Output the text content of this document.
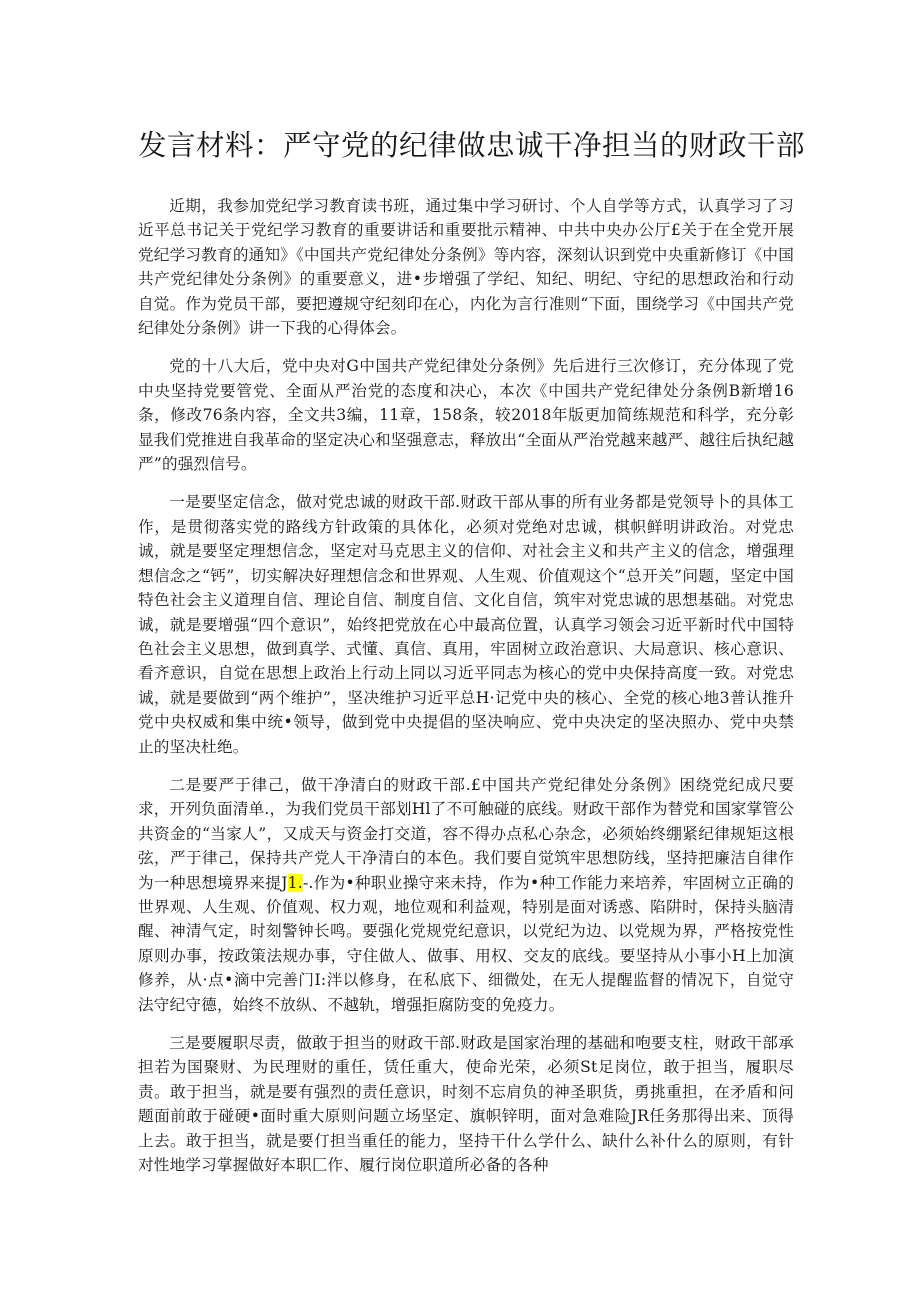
发言材料：严守党的纪律做忠诚干净担当的财政干部

近期，我参加党纪学习教育读书班，通过集中学习研讨、个人自学等方式，认真学习了习近平总书记关于党纪学习教育的重要讲话和重要批示精神、中共中央办公厅£关于在全党开展党纪学习教育的通知》《中国共产党纪律处分条例》等内容，深刻认识到党中央重新修订《中国共产党纪律处分条例》的重要意义，进•步增强了学纪、知纪、明纪、守纪的思想政治和行动自觉。作为党员干部，要把遵规守纪刻印在心，内化为言行准则“下面，围绕学习《中国共产党纪律处分条例》讲一下我的心得体会。

党的十八大后，党中央对G中国共产党纪律处分条例》先后进行三次修订，充分体现了党中央坚持党要管党、全面从严治党的态度和决心，本次《中国共产党纪律处分条例B新增16条，修改76条内容，全文共3编，11章，158条，较2018年版更加简练规范和科学，充分彰显我们党推进自我革命的坚定决心和坚强意志，释放出“全面从严治党越来越严、越往后执纪越严”的强烈信号。

一是要坚定信念，做对党忠诚的财政干部.财政干部从事的所有业务都是党领导卜的具体工作，是贯彻落实党的路线方针政策的具体化，必须对党绝对忠诚，棋帜鲜明讲政治。对党忠诚，就是要坚定理想信念，坚定对马克思主义的信仰、对社会主义和共产主义的信念，增强理想信念之“钙”，切实解决好理想信念和世界观、人生观、价值观这个“总开关”问题，坚定中国特色社会主义道理自信、理论自信、制度自信、文化自信，筑牢对党忠诚的思想基础。对党忠诚，就是要增强“四个意识”，始终把党放在心中最高位置，认真学习领会习近平新时代中国特色社会主义思想，做到真学、式懂、真信、真用，牢固树立政治意识、大局意识、核心意识、看齐意识，自觉在思想上政治上行动上同以习近平同志为核心的党中央保持高度一致。对党忠诚，就是要做到“两个维护”，坚决维护习近平总H·记党中央的核心、全党的核心地3普认推升党中央权威和集中统•领导，做到党中央提倡的坚决响应、党中央决定的坚决照办、党中央禁止的坚决杜绝。

二是要严于律己，做干净清白的财政干部.£中国共产党纪律处分条例》困绕党纪成尺要求，开列负面清单.，为我们党员干部划Hl了不可触碰的底线。财政干部作为替党和国家掌管公共资金的“当家人”，又成天与资金打交道，容不得办点私心杂念，必须始终绷紧纪律规矩这根弦，严于律己，保持共产党人干净清白的本色。我们要自觉筑牢思想防线，坚持把廉洁自律作为一种思想境界来提J1.-.作为•种职业操守来未持，作为•种工作能力来培养，牢固树立正确的世界观、人生观、价值观、权力观，地位观和利益观，特别是面对诱惑、陷阱时，保持头脑清醒、神清气定，时刻警钟长鸣。要强化党规党纪意识，以党纪为边、以党规为界，严格按党性原则办事，按政策法规办事，守住做人、做事、用权、交友的底线。要坚持从小事小H上加演修养，从·点•滴中完善门I:泮以修身，在私底下、细微处，在无人提醒监督的情况下，自觉守法守纪守德，始终不放纵、不越轨，增强拒腐防变的免疫力。

三是要履职尽责，做敢于担当的财政干部.财政是国家治理的基础和咆要支柱，财政干部承担若为国聚财、为民理财的重任，赁任重大，使命光荣，必须St足岗位，敢于担当，履职尽责。敢于担当，就是要有强烈的责任意识，时刻不忘肩负的神圣职货，勇挑重担，在矛盾和问题面前敢于碰硬•面时重大原则问题立场坚定、旗帜锌明，面对急难险JR任务那得出来、顶得上去。敢于担当，就是要仃担当重任的能力，坚持干什么学什么、缺什么补什么的原则，有针对性地学习掌握做好本职匚作、履行岗位职道所必备的各种
